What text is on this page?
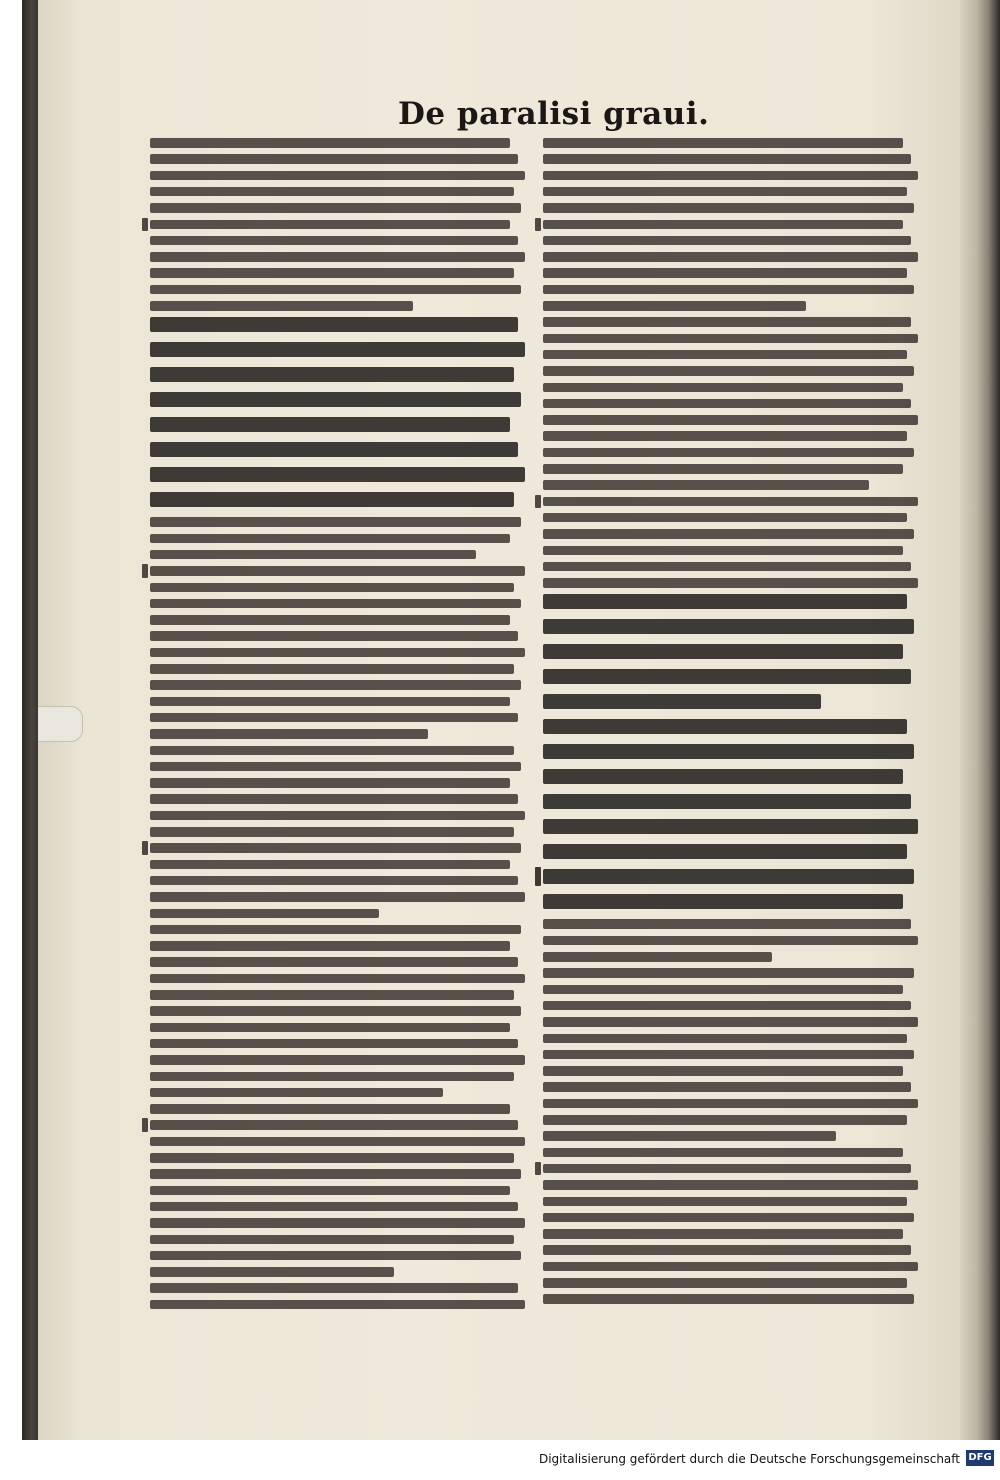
De paralisi graui.
Digitalisierung gefördert durch die Deutsche Forschungsgemeinschaft DFG
